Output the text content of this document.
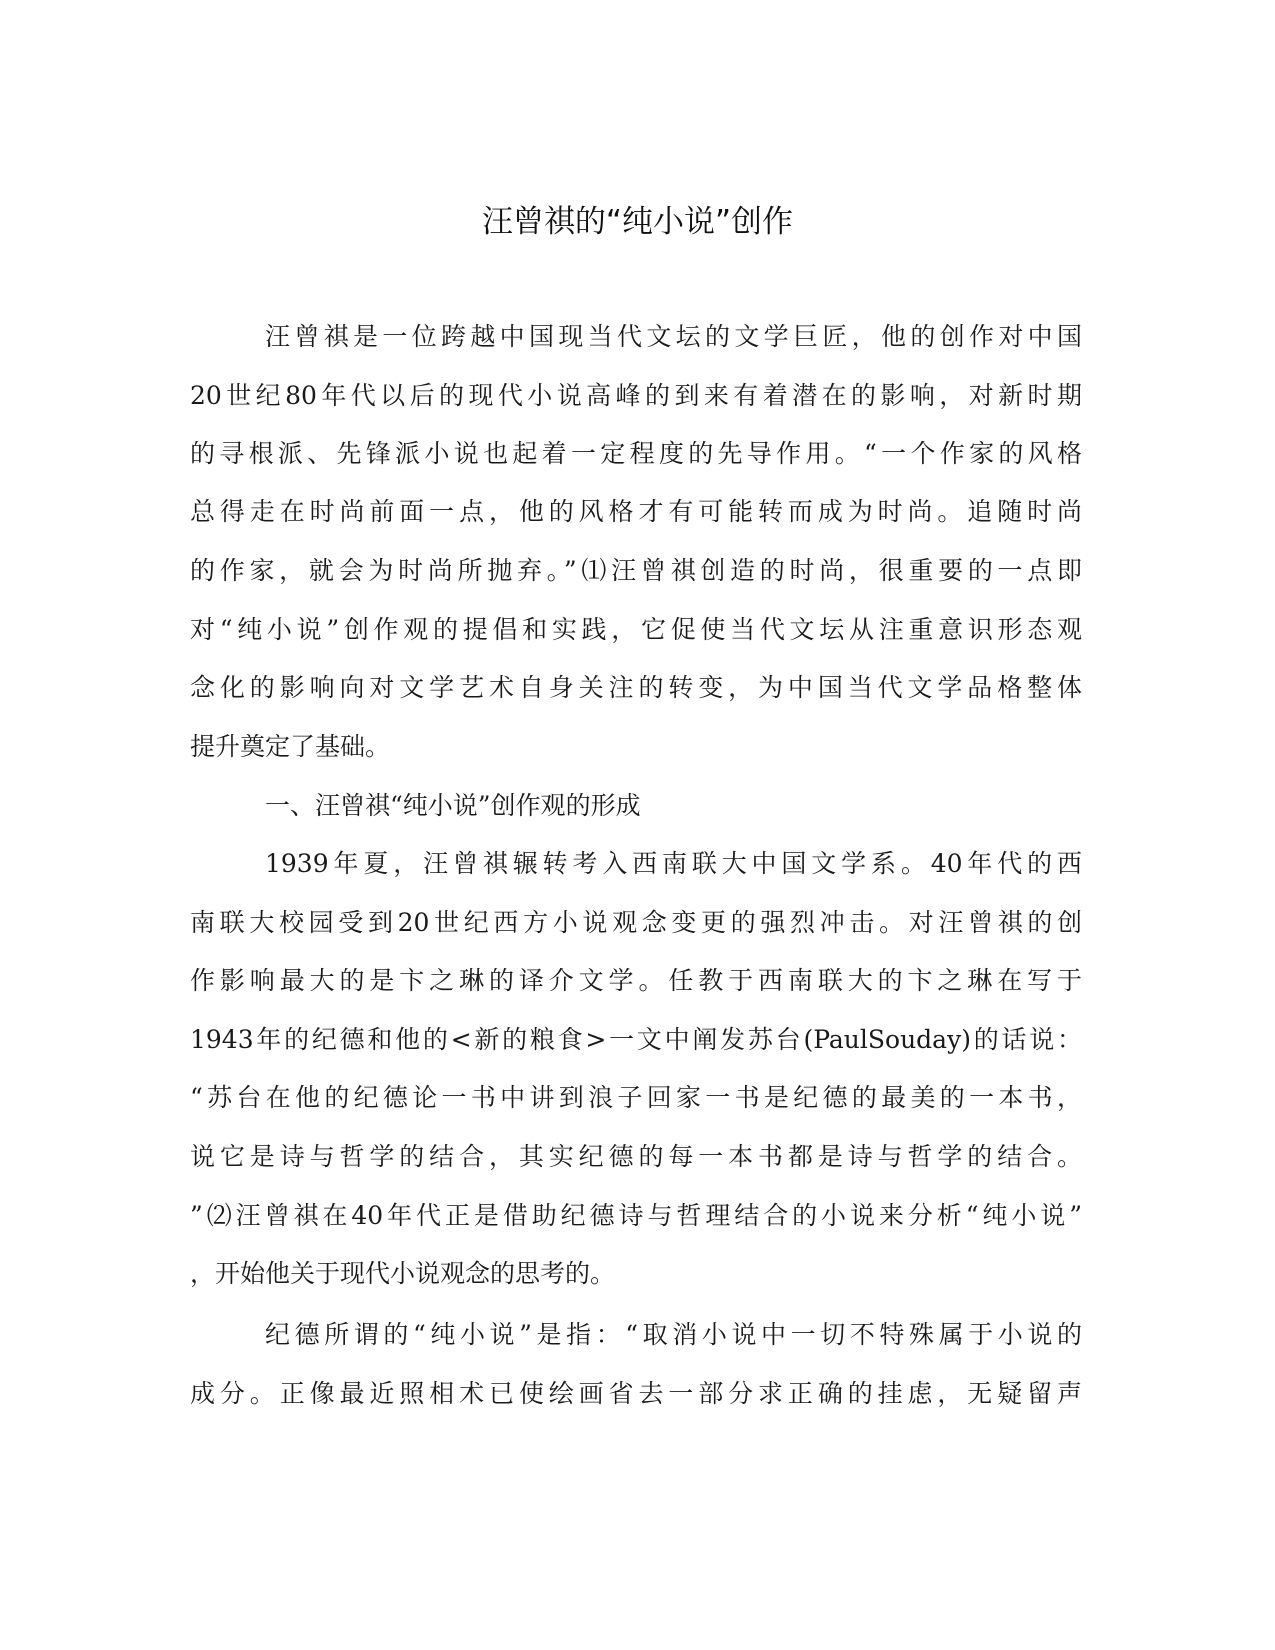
汪曾祺的“纯小说”创作
汪曾祺是一位跨越中国现当代文坛的文学巨匠，他的创作对中国
20世纪80年代以后的现代小说高峰的到来有着潜在的影响，对新时期
的寻根派、先锋派小说也起着一定程度的先导作用。“一个作家的风格
总得走在时尚前面一点，他的风格才有可能转而成为时尚。追随时尚
的作家，就会为时尚所抛弃。”⑴汪曾祺创造的时尚，很重要的一点即
对“纯小说”创作观的提倡和实践，它促使当代文坛从注重意识形态观
念化的影响向对文学艺术自身关注的转变，为中国当代文学品格整体
提升奠定了基础。
一、汪曾祺“纯小说”创作观的形成
1939年夏，汪曾祺辗转考入西南联大中国文学系。40年代的西
南联大校园受到20世纪西方小说观念变更的强烈冲击。对汪曾祺的创
作影响最大的是卞之琳的译介文学。任教于西南联大的卞之琳在写于
1943年的纪德和他的<新的粮食>一文中阐发苏台(PaulSouday)的话说：
“苏台在他的纪德论一书中讲到浪子回家一书是纪德的最美的一本书，
说它是诗与哲学的结合，其实纪德的每一本书都是诗与哲学的结合。
”⑵汪曾祺在40年代正是借助纪德诗与哲理结合的小说来分析“纯小说”
，开始他关于现代小说观念的思考的。
纪德所谓的“纯小说”是指：“取消小说中一切不特殊属于小说的
成分。正像最近照相术已使绘画省去一部分求正确的挂虑，无疑留声
